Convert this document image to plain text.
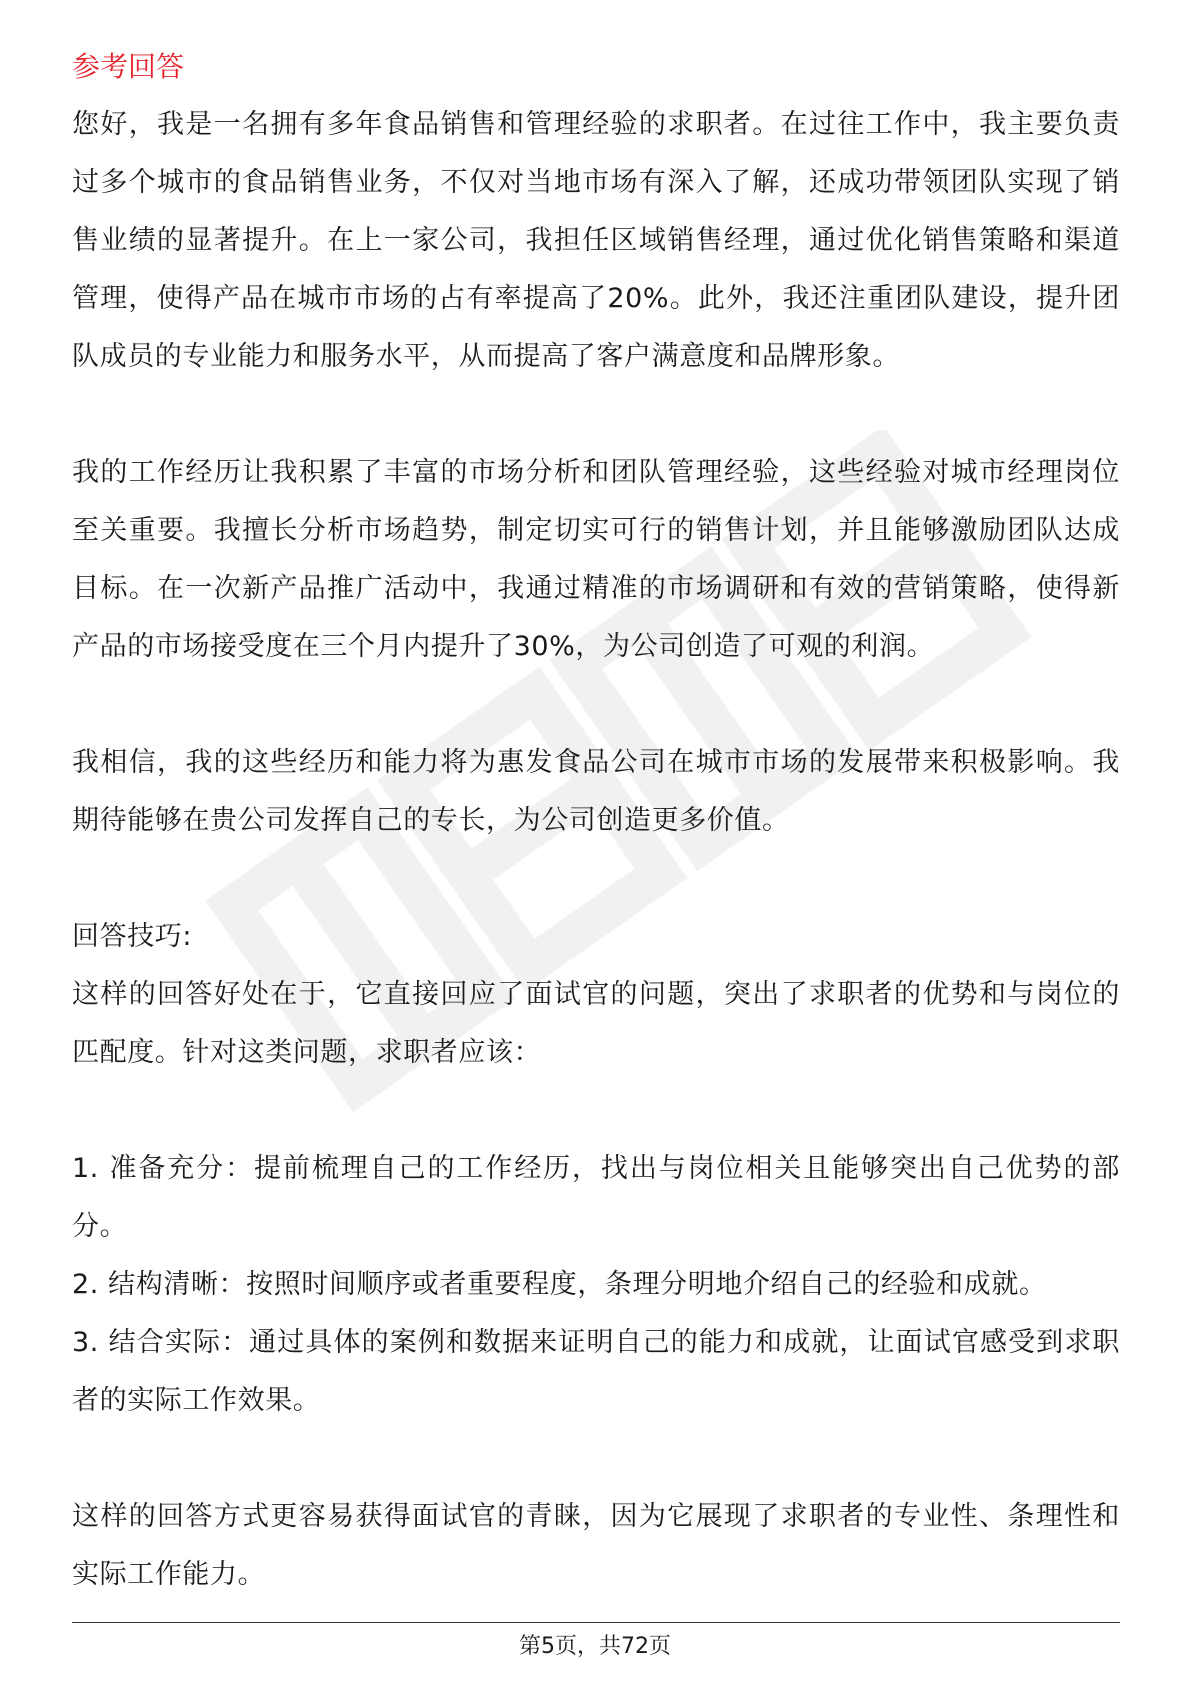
参考回答

您好，我是一名拥有多年食品销售和管理经验的求职者。在过往工作中，我主要负责过多个城市的食品销售业务，不仅对当地市场有深入了解，还成功带领团队实现了销售业绩的显著提升。在上一家公司，我担任区域销售经理，通过优化销售策略和渠道管理，使得产品在城市市场的占有率提高了20%。此外，我还注重团队建设，提升团队成员的专业能力和服务水平，从而提高了客户满意度和品牌形象。

我的工作经历让我积累了丰富的市场分析和团队管理经验，这些经验对城市经理岗位至关重要。我擅长分析市场趋势，制定切实可行的销售计划，并且能够激励团队达成目标。在一次新产品推广活动中，我通过精准的市场调研和有效的营销策略，使得新产品的市场接受度在三个月内提升了30%，为公司创造了可观的利润。

我相信，我的这些经历和能力将为惠发食品公司在城市市场的发展带来积极影响。我期待能够在贵公司发挥自己的专长，为公司创造更多价值。

回答技巧:

这样的回答好处在于，它直接回应了面试官的问题，突出了求职者的优势和与岗位的匹配度。针对这类问题，求职者应该：

1. 准备充分：提前梳理自己的工作经历，找出与岗位相关且能够突出自己优势的部分。

2. 结构清晰：按照时间顺序或者重要程度，条理分明地介绍自己的经验和成就。

3. 结合实际：通过具体的案例和数据来证明自己的能力和成就，让面试官感受到求职者的实际工作效果。

这样的回答方式更容易获得面试官的青睐，因为它展现了求职者的专业性、条理性和实际工作能力。

第5页，共72页
